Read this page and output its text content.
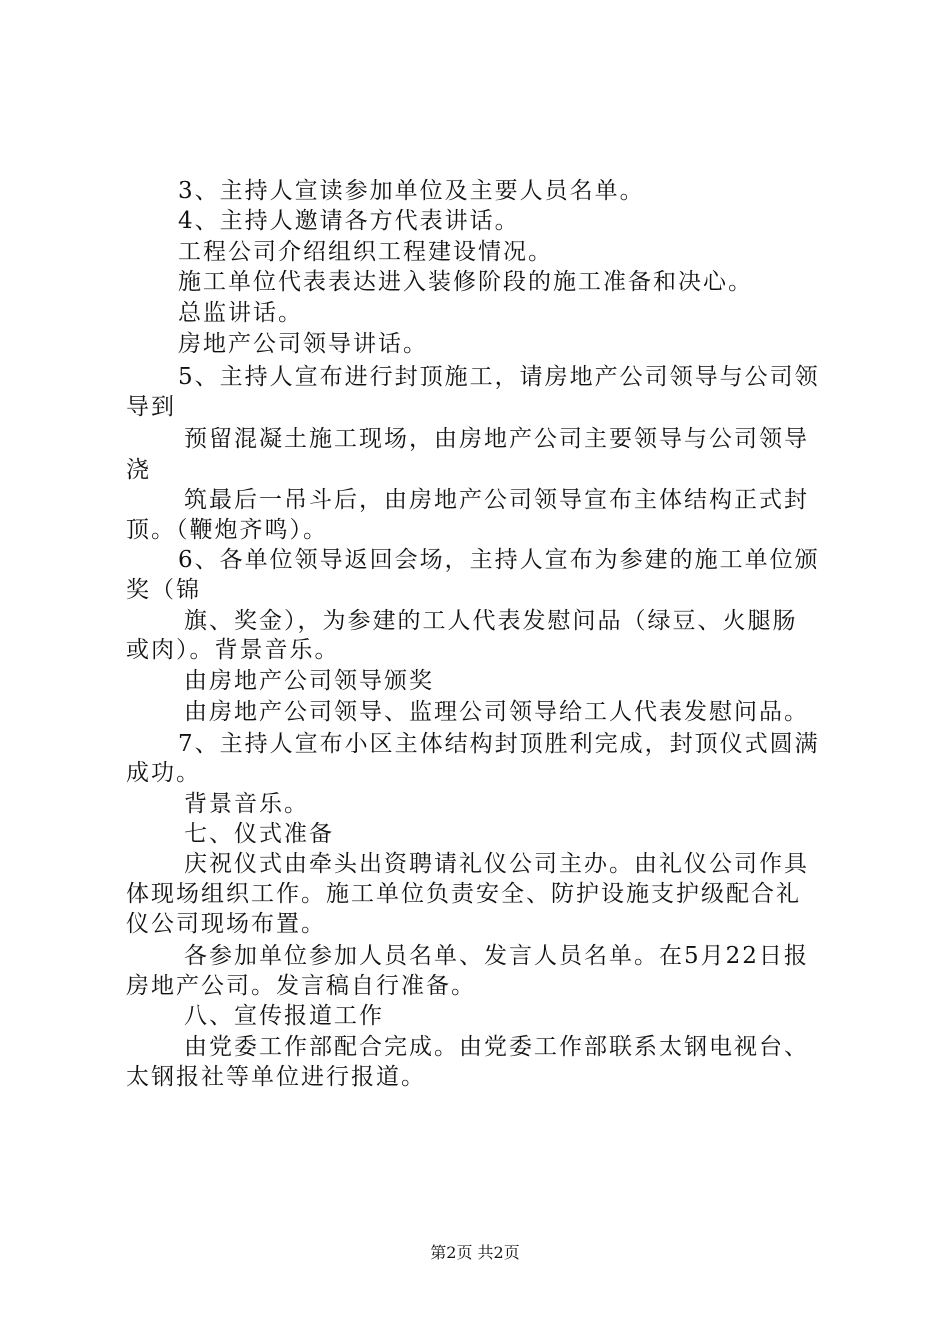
3、主持人宣读参加单位及主要人员名单。
4、主持人邀请各方代表讲话。
工程公司介绍组织工程建设情况。
施工单位代表表达进入装修阶段的施工准备和决心。
总监讲话。
房地产公司领导讲话。
5、主持人宣布进行封顶施工，请房地产公司领导与公司领
导到
预留混凝土施工现场，由房地产公司主要领导与公司领导
浇
筑最后一吊斗后，由房地产公司领导宣布主体结构正式封
顶。（鞭炮齐鸣）。
6、各单位领导返回会场，主持人宣布为参建的施工单位颁
奖（锦
旗、奖金），为参建的工人代表发慰问品（绿豆、火腿肠
或肉）。背景音乐。
由房地产公司领导颁奖
由房地产公司领导、监理公司领导给工人代表发慰问品。
7、主持人宣布小区主体结构封顶胜利完成，封顶仪式圆满
成功。
背景音乐。
七、仪式准备
庆祝仪式由牵头出资聘请礼仪公司主办。由礼仪公司作具
体现场组织工作。施工单位负责安全、防护设施支护级配合礼
仪公司现场布置。
各参加单位参加人员名单、发言人员名单。在5月22日报
房地产公司。发言稿自行准备。
八、宣传报道工作
由党委工作部配合完成。由党委工作部联系太钢电视台、
太钢报社等单位进行报道。
第2页 共2页
